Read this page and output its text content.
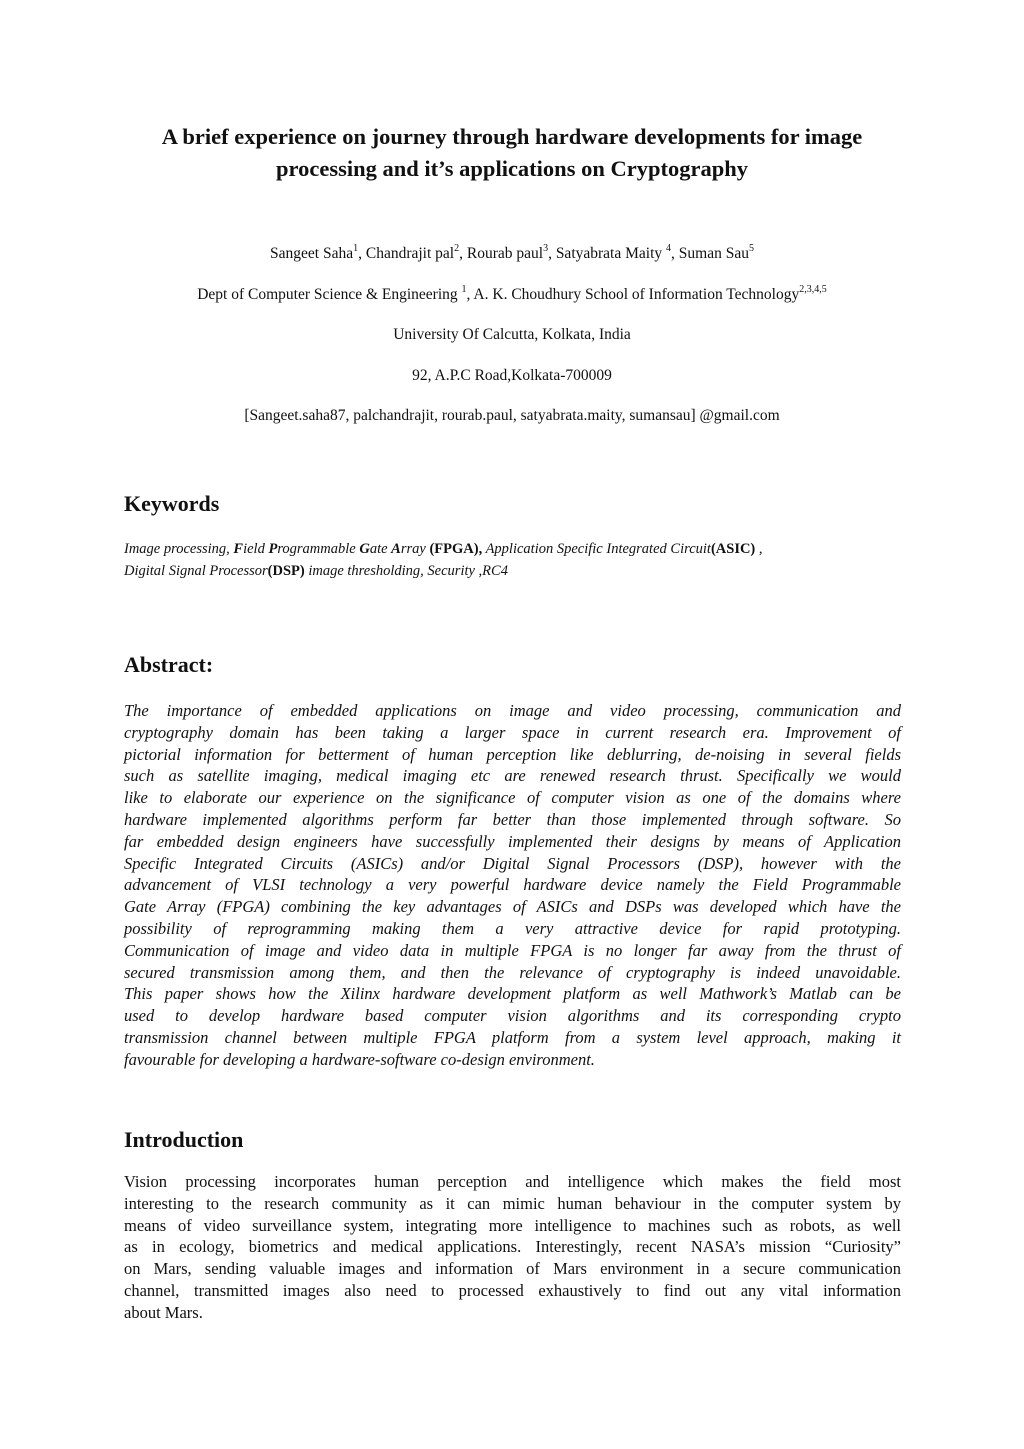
A brief experience on journey through hardware developments for image
processing and it’s applications on Cryptography
Sangeet Saha$^1$, Chandrajit pal$^2$, Rourab paul$^3$, Satyabrata Maity $^4$, Suman Sau$^5$
Dept of Computer Science & Engineering $^1$, A. K. Choudhury School of Information Technology$^{2,3,4,5}$
University Of Calcutta, Kolkata, India
92, A.P.C Road,Kolkata-700009
[Sangeet.saha87, palchandrajit, rourab.paul, satyabrata.maity, sumansau] @gmail.com
Keywords
Image processing, Field Programmable Gate Array (FPGA), Application Specific Integrated Circuit(ASIC) ,
Digital Signal Processor(DSP) image thresholding, Security ,RC4
Abstract:
The importance of embedded applications on image and video processing, communication and
cryptography domain has been taking a larger space in current research era. Improvement of
pictorial information for betterment of human perception like deblurring, de-noising in several fields
such as satellite imaging, medical imaging etc are renewed research thrust. Specifically we would
like to elaborate our experience on the significance of computer vision as one of the domains where
hardware implemented algorithms perform far better than those implemented through software. So
far embedded design engineers have successfully implemented their designs by means of Application
Specific Integrated Circuits (ASICs) and/or Digital Signal Processors (DSP), however with the
advancement of VLSI technology a very powerful hardware device namely the Field Programmable
Gate Array (FPGA) combining the key advantages of ASICs and DSPs was developed which have the
possibility of reprogramming making them a very attractive device for rapid prototyping.
Communication of image and video data in multiple FPGA is no longer far away from the thrust of
secured transmission among them, and then the relevance of cryptography is indeed unavoidable.
This paper shows how the Xilinx hardware development platform as well Mathwork’s Matlab can be
used to develop hardware based computer vision algorithms and its corresponding crypto
transmission channel between multiple FPGA platform from a system level approach, making it
favourable for developing a hardware-software co-design environment.
Introduction
Vision processing incorporates human perception and intelligence which makes the field most
interesting to the research community as it can mimic human behaviour in the computer system by
means of video surveillance system, integrating more intelligence to machines such as robots, as well
as in ecology, biometrics and medical applications. Interestingly, recent NASA’s mission “Curiosity”
on Mars, sending valuable images and information of Mars environment in a secure communication
channel, transmitted images also need to processed exhaustively to find out any vital information
about Mars.
